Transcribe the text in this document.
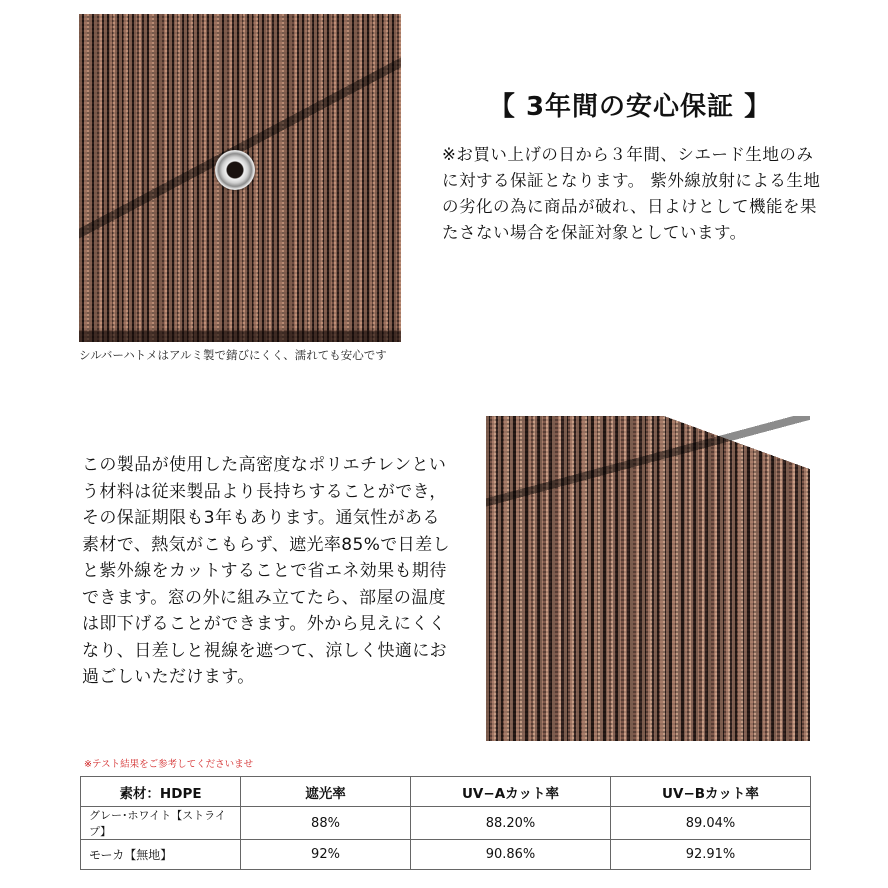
シルバーハトメはアルミ製で錆びにくく、濡れても安心です
【 3年間の安心保証 】
※お買い上げの日から３年間、シエード生地のみに対する保証となります。 紫外線放射による生地の劣化の為に商品が破れ、日よけとして機能を果たさない場合を保証対象としています。
この製品が使用した高密度なポリエチレンという材料は従来製品より長持ちすることができ，その保証期限も3年もあります。通気性がある素材で、熱気がこもらず、遮光率85%で日差しと紫外線をカットすることで省エネ効果も期待できます。窓の外に組み立てたら、部屋の温度は即下げることができます。外から見えにくくなり、日差しと視線を遮つて、涼しく快適にお過ごしいただけます。
※テスト結果をご参考してくださいませ
素材：HDPE	遮光率	UV−Aカット率	UV−Bカット率
グレー･ホワイト【ストライプ】	88%	88.20%	89.04%
モーカ【無地】	92%	90.86%	92.91%
